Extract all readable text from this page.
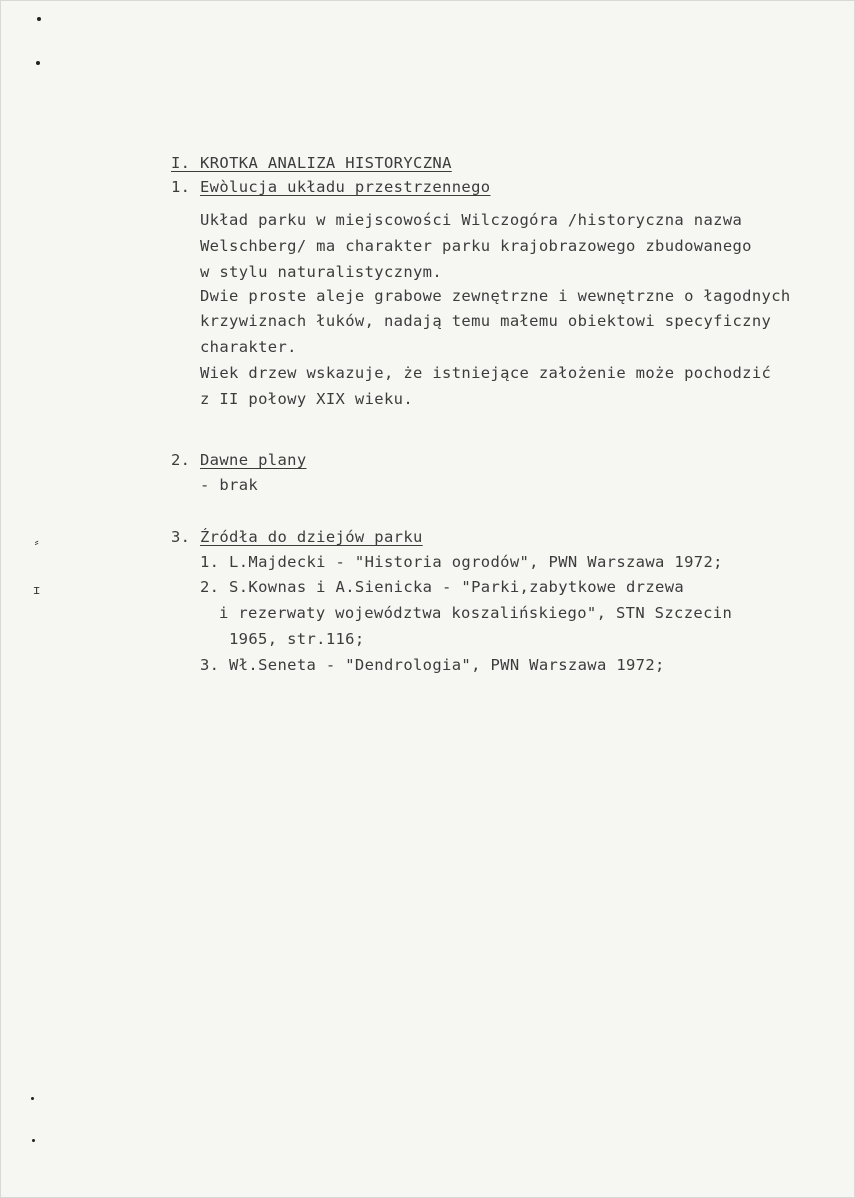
⸗
ɪ
I. KROTKA ANALIZA HISTORYCZNA
1. Ewòlucja układu przestrzennego
Układ parku w miejscowości Wilczogóra /historyczna nazwa
Welschberg/ ma charakter parku krajobrazowego zbudowanego
w stylu naturalistycznym.
Dwie proste aleje grabowe zewnętrzne i wewnętrzne o łagodnych
krzywiznach łuków, nadają temu małemu obiektowi specyficzny
charakter.
Wiek drzew wskazuje, że istniejące założenie może pochodzić
z II połowy XIX wieku.
2. Dawne plany
- brak
3. Źródła do dziejów parku
1. L.Majdecki - "Historia ogrodów", PWN Warszawa 1972;
2. S.Kownas i A.Sienicka - "Parki,zabytkowe drzewa
i rezerwaty województwa koszalińskiego", STN Szczecin
1965, str.116;
3. Wł.Seneta - "Dendrologia", PWN Warszawa 1972;
